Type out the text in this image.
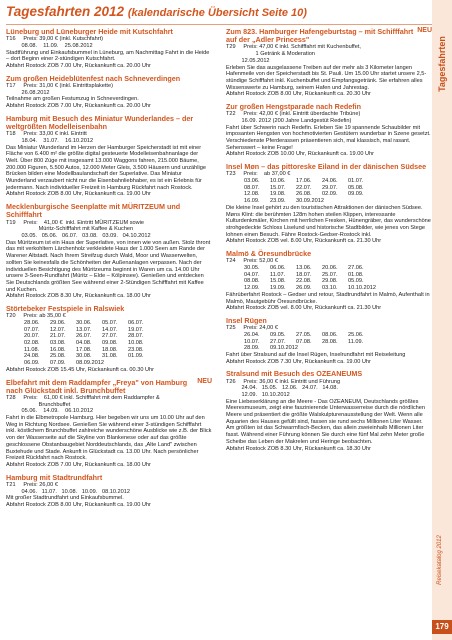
Tagesfahrten 2012 (kalendarische Übersicht Seite 10)
Tagesfahrten
Reisekatalog 2012
179
Lüneburg und Lüneburger Heide mit Kutschfahrt

T16     Preis: 39,00 € (inkl. Kutschfahrt)

08.08.    11.09.    25.08.2012

Stadtführung und Einkaufsbummel in Lüneburg, am Nachmittag Fahrt in die Heide – dort Beginn einer 2-stündigen Kutschfahrt.

Abfahrt Rostock ZOB 7.00 Uhr, Rückankunft ca. 20.00 Uhr

Zum großen Heideblütenfest nach Schneverdingen

T17     Preis: 31,00 € (inkl. Eintrittsplakette)

26.08.2012

Teilnahme am großen Festumzug in Schneverdingen.

Abfahrt Rostock ZOB 7.00 Uhr, Rückankunft ca. 20.00 Uhr

Hamburg mit Besuch des Miniatur Wunderlandes – der weltgrößten Modelleisenbahn

T18     Preis: 33,00 € inkl. Eintritt

18.04.    31.07.    16.10.2012

Das Miniatur Wunderland im Herzen der Hamburger Speicherstadt ist mit einer Fläche von 6.400 m² die größte digital gesteuerte Modelleisenbahnanlage der Welt. Über 800 Züge mit insgesamt 13.000 Waggons fahren, 215.000 Bäume, 200.000 Figuren, 5.500 Autos, 12.000 Meter Gleis, 3.500 Häusern und unzählige Brücken bilden eine Modellbaulandschaft der Superlative. Das Miniatur Wunderland verzaubert nicht nur die Eisenbahnliebhaber, es ist ein Erlebnis für jedermann. Nach individueller Freizeit in Hamburg Rückfahrt nach Rostock.

Abfahrt Rostock ZOB 8.00 Uhr, Rückankunft ca. 19.00 Uhr

Mecklenburgische Seenplatte mit MÜRITZEUM und Schifffahrt

T19     Preis:    41,00 €  inkl. Eintritt MÜRITZEUM sowie

Müritz-Schifffahrt mit Kaffee & Kuchen

03.05.   05.06.   06.07.   03.08.   03.09.   04.10.2012

Das Müritzeum ist ein Haus der Superlative, von innen wie von außen. Stolz thront das mit verkohltem Lärchenholz verkleidete Haus der 1.000 Seen am Rande der Warener Altstadt. Nach Ihrem Streifzug durch Wald, Moor und Wasserwelten, sollten Sie keinesfalls die Schönheiten der Außenanlagen verpassen. Nach der individuellen Besichtigung des Müritzeums beginnt in Waren um ca. 14.00 Uhr unsere 3-Seen-Rundfahrt (Müritz – Elde – Kölpinsee). Genießen und entdecken Sie Deutschlands größten See während einer 2-Stündigen Schifffahrt mit Kaffee und Kuchen.

Abfahrt Rostock ZOB 8.30 Uhr, Rückankunft ca. 18.00 Uhr

Störtebeker Festspiele in Ralswiek

T20     Preis: ab 35,00 €

28.06.	29.06.	30.06.	05.07.	06.07.
07.07.	12.07.	13.07.	14.07.	19.07.
20.07.	21.07.	26.07.	27.07.	28.07.
02.08.	03.08.	04.08.	09.08.	10.08.
11.08.	16.08.	17.08.	18.08.	23.08.
24.08.	25.08.	30.08.	31.08.	01.09.
06.09.	07.09.	08.09.2012

Abfahrt Rostock ZOB 15.45 Uhr, Rückankunft ca. 00.30 Uhr

Elbefahrt mit dem Raddampfer „Freya" von Hamburg nach Glückstadt inkl. Brunchbuffet
NEU

T28     Preis:    61,00 € inkl. Schifffahrt mit dem Raddampfer &

Brunchbuffet

05.06.    14.09.    06.10.2012

Fahrt in die Elbmetropole Hamburg. Hier begeben wir uns um 10.00 Uhr auf den Weg in Richtung Nordsee. Genießen Sie während einer 3-stündigen Schifffahrt inkl. köstlichem Brunchbuffet zahlreiche wunderschöne Ausblicke wie z.B. der Blick von der Wasserseite auf die Skyline von Blankenese oder auf das größte geschlossene Obstanbaugebiet Norddeutschlands, das „Alte Land" zwischen Buxtehude und Stade. Ankunft in Glückstadt ca. 13.00 Uhr. Nach persönlicher Freizeit Rückfahrt nach Rostock.

Abfahrt Rostock ZOB 7.00 Uhr, Rückankunft ca. 18.00 Uhr

Hamburg mit Stadtrundfahrt

T21     Preis: 26,00 €

04.06.   11.07.   10.08.   10.09.   08.10.2012

Mit großer Stadtrundfahrt und Einkaufsbummel.

Abfahrt Rostock ZOB 8.00 Uhr, Rückankunft ca. 19.00 Uhr

Zum 823. Hamburger Hafengeburtstag – mit Schifffahrt auf der „Adler Princess"
NEU

T29     Preis: 47,00 € inkl. Schifffahrt mit Kuchenbuffet,

1 Getränk & Moderation

12.05.2012

Erleben Sie das ausgelassene Treiben auf der mehr als 3 Kilometer langen Hafenmeile von der Speicherstadt bis St. Pauli. Um 15.00 Uhr startet unsere 2,5-stündige Schifffahrt inkl. Kuchenbuffet und Empfangsgetränk. Sie erfahren alles Wissenswerte zu Hamburg, seinem Hafen und Jahrestag.

Abfahrt Rostock ZOB 8.00 Uhr, Rückankunft ca. 20.30 Uhr

Zur großen Hengstparade nach Redefin

T22     Preis: 42,00 € (inkl. Eintritt überdachte Tribüne)

16.09. 2012 (200 Jahre Landgestüt Redefin)

Fahrt über Schwerin nach Redefin. Erleben Sie 19 spannende Schaubilder mit imposanten Hengsten von hochmotivierten Gestütern wunderbar in Szene gesetzt. Verschiedenste Pferderassen präsentieren sich, mal klassisch, mal rasant. Sehenswert – keine Frage!

Abfahrt Rostock ZOB 10.00 Uhr, Rückankunft ca. 19.00 Uhr

Insel Møn – das pittoreske Eiland in der dänischen Südsee

T23     Preis:    ab 37,00 €

03.06.	10.06.	17.06.	24.06.	01.07.
08.07.	15.07.	22.07.	29.07.	05.08.
12.08.	19.08.	26.08.	02.09.	09.09.
16.09.	23.09.	30.09.2012

Die kleine Insel gehört zu den touristischen Attraktionen der dänischen Südsee. Møns Klint: die berühmten 128m hohen steilen Klippen, interessante Kulturdenkmäler, Kirchen mit herrlichen Fresken, Hünengräber, das wunderschöne strohgedeckte Schloss Liselund und historische Stadtbilder, wie jenes von Stege lohnen einen Besuch. Fähre Rostock-Gedser-Rostock inkl.

Abfahrt Rostock ZOB vel. 8.00 Uhr, Rückankunft ca. 21.30 Uhr

Malmö & Öresundbrücke

T24     Preis: 52,00 €

30.05.	06.06.	13.06.	20.06.	27.06.
04.07.	11.07.	18.07.	25.07.	01.08.
08.08.	15.08.	22.08.	29.08.	05.09.
12.09.	19.09.	26.09.	03.10.	10.10.2012

Fährüberfahrt Rostock – Gedser und retour, Stadtrundfahrt in Malmö, Aufenthalt in Malmö, Mautgebühr Öresundbrücke.

Abfahrt Rostock ZOB vel. 8.00 Uhr, Rückankunft ca. 21.30 Uhr

Insel Rügen

T25     Preis: 24,00 €

26.04.	09.05.	27.05.	08.06.	25.06.
10.07.	27.07.	07.08.	28.08.	11.09.
28.09.	09.10.2012

Fahrt über Stralsund auf die Insel Rügen, Inselrundfahrt mit Reiseleitung

Abfahrt Rostock ZOB 7.30 Uhr, Rückankunft ca. 19.00 Uhr

Stralsund mit Besuch des OZEANEUMS

T26     Preis: 36,00 € inkl. Eintritt und Führung

24.04.   15.05.   12.06.   24.07.   14.08.

12.09.   10.10.2012

Eine Liebeserklärung an die Meere - Das OZEANEUM, Deutschlands größtes Meeresmuseum, zeigt eine faszinierende Unterwasserreise durch die nördlichen Meere und präsentiert die größte Walskulpturenausstellung der Welt. Wenn alle Aquarien des Hauses gefüllt sind, fassen sie rund sechs Millionen Liter Wasser. Am größten ist das Schwarmfisch-Becken, das allein zweieinhalb Millionen Liter fasst. Während einer Führung können Sie durch eine fünf Mal zehn Meter große Scheibe das Leben der Makrelen und Heringe beobachten.

Abfahrt Rostock ZOB 8.30 Uhr, Rückankunft ca. 18.30 Uhr
